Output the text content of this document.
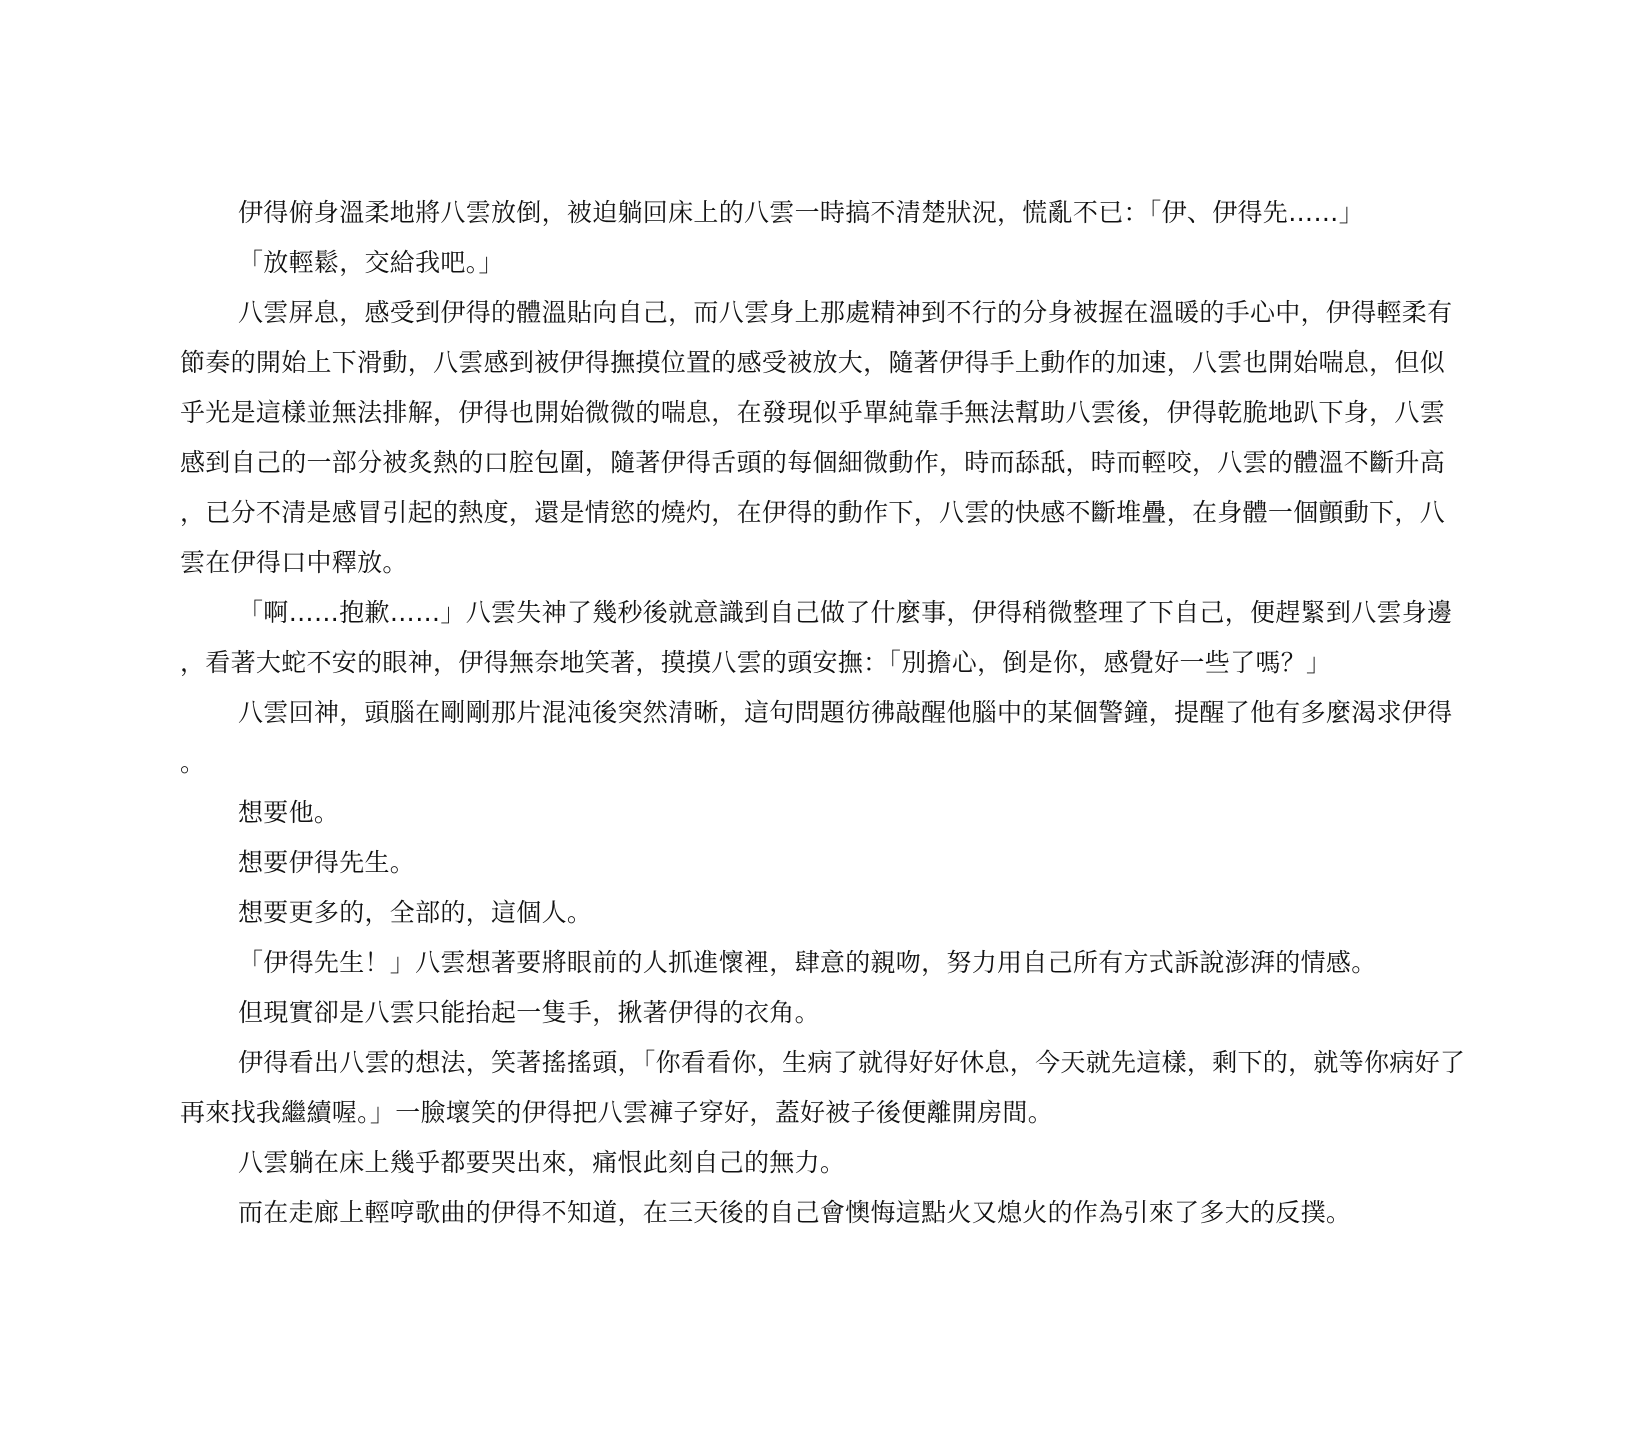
伊得俯身溫柔地將八雲放倒，被迫躺回床上的八雲一時搞不清楚狀況，慌亂不已：「伊、伊得先……」

「放輕鬆，交給我吧。」

八雲屏息，感受到伊得的體溫貼向自己，而八雲身上那處精神到不行的分身被握在溫暖的手心中，伊得輕柔有節奏的開始上下滑動，八雲感到被伊得撫摸位置的感受被放大，隨著伊得手上動作的加速，八雲也開始喘息，但似乎光是這樣並無法排解，伊得也開始微微的喘息，在發現似乎單純靠手無法幫助八雲後，伊得乾脆地趴下身，八雲感到自己的一部分被炙熱的口腔包圍，隨著伊得舌頭的每個細微動作，時而舔舐，時而輕咬，八雲的體溫不斷升高，已分不清是感冒引起的熱度，還是情慾的燒灼，在伊得的動作下，八雲的快感不斷堆疊，在身體一個顫動下，八雲在伊得口中釋放。

「啊……抱歉……」八雲失神了幾秒後就意識到自己做了什麼事，伊得稍微整理了下自己，便趕緊到八雲身邊，看著大蛇不安的眼神，伊得無奈地笑著，摸摸八雲的頭安撫：「別擔心，倒是你，感覺好一些了嗎？」

八雲回神，頭腦在剛剛那片混沌後突然清晰，這句問題彷彿敲醒他腦中的某個警鐘，提醒了他有多麼渴求伊得。

想要他。

想要伊得先生。

想要更多的，全部的，這個人。

「伊得先生！」八雲想著要將眼前的人抓進懷裡，肆意的親吻，努力用自己所有方式訴說澎湃的情感。

但現實卻是八雲只能抬起一隻手，揪著伊得的衣角。

伊得看出八雲的想法，笑著搖搖頭，「你看看你，生病了就得好好休息，今天就先這樣，剩下的，就等你病好了再來找我繼續喔。」一臉壞笑的伊得把八雲褲子穿好，蓋好被子後便離開房間。

八雲躺在床上幾乎都要哭出來，痛恨此刻自己的無力。

而在走廊上輕哼歌曲的伊得不知道，在三天後的自己會懊悔這點火又熄火的作為引來了多大的反撲。
